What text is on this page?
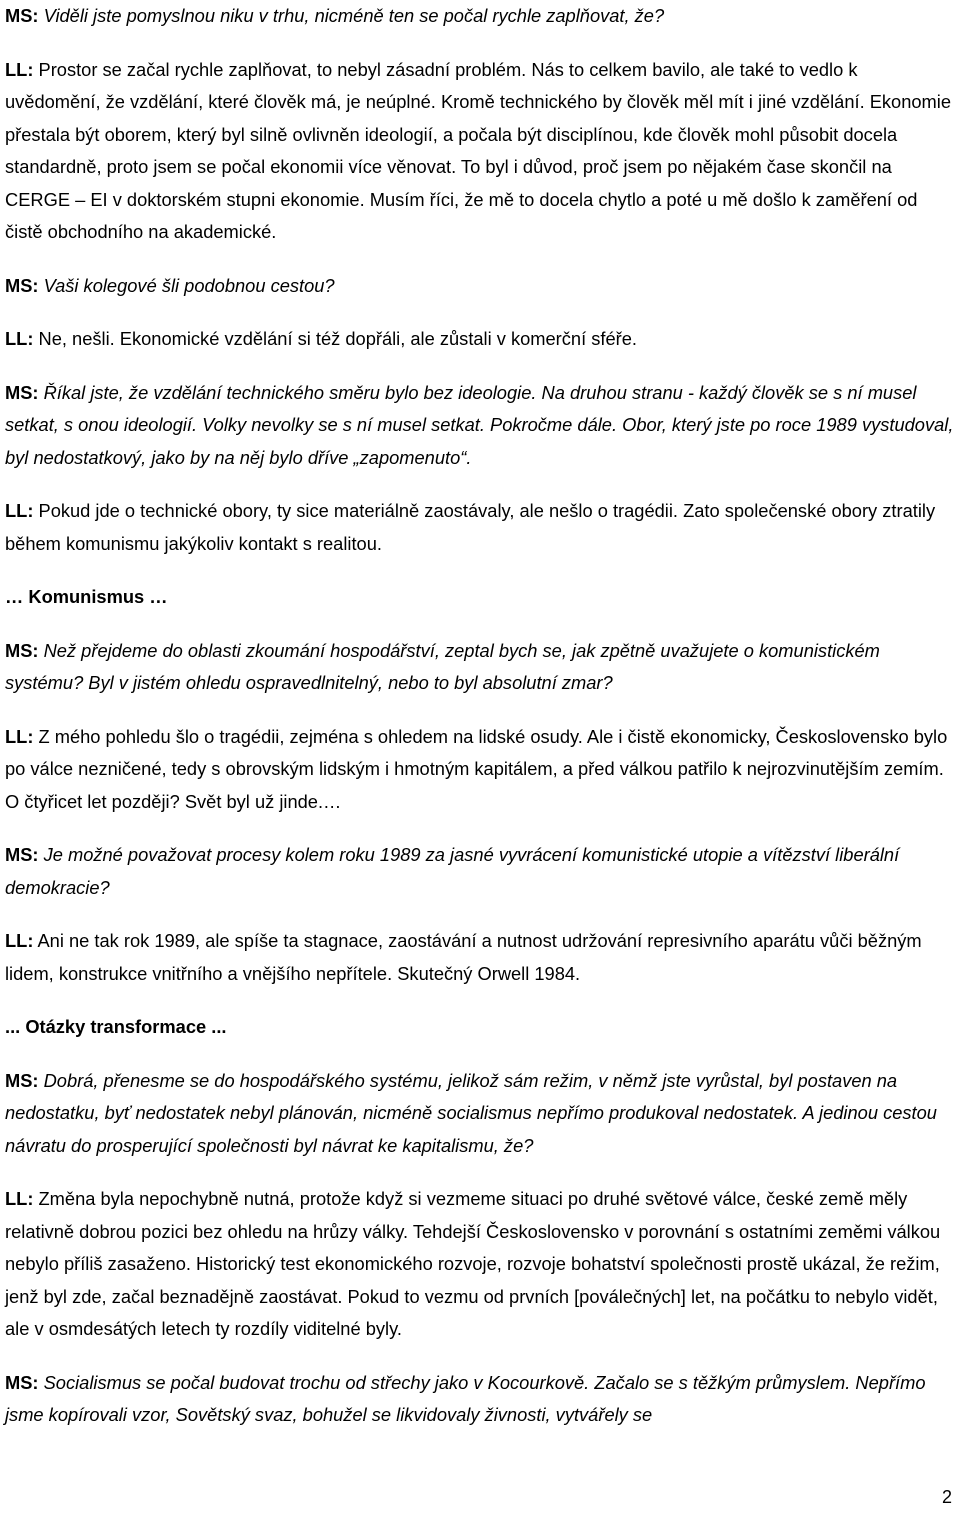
MS: Viděli jste pomyslnou niku v trhu, nicméně ten se počal rychle zaplňovat, že?

LL: Prostor se začal rychle zaplňovat, to nebyl zásadní problém. Nás to celkem bavilo, ale také to vedlo k uvědomění, že vzdělání, které člověk má, je neúplné. Kromě technického by člověk měl mít i jiné vzdělání. Ekonomie přestala být oborem, který byl silně ovlivněn ideologií, a počala být disciplínou, kde člověk mohl působit docela standardně, proto jsem se počal ekonomii více věnovat. To byl i důvod, proč jsem po nějakém čase skončil na CERGE – EI v doktorském stupni ekonomie. Musím říci, že mě to docela chytlo a poté u mě došlo k zaměření od čistě obchodního na akademické.

MS: Vaši kolegové šli podobnou cestou?

LL: Ne, nešli. Ekonomické vzdělání si též dopřáli, ale zůstali v komerční sféře.

MS: Říkal jste, že vzdělání technického směru bylo bez ideologie. Na druhou stranu - každý člověk se s ní musel setkat, s onou ideologií. Volky nevolky se s ní musel setkat. Pokročme dále. Obor, který jste po roce 1989 vystudoval, byl nedostatkový, jako by na něj bylo dříve „zapomenuto“.

LL: Pokud jde o technické obory, ty sice materiálně zaostávaly, ale nešlo o tragédii. Zato společenské obory ztratily během komunismu jakýkoliv kontakt s realitou.

… Komunismus …

MS: Než přejdeme do oblasti zkoumání hospodářství, zeptal bych se, jak zpětně uvažujete o komunistickém systému? Byl v jistém ohledu ospravedlnitelný, nebo to byl absolutní zmar?

LL: Z mého pohledu šlo o tragédii, zejména s ohledem na lidské osudy. Ale i čistě ekonomicky, Československo bylo po válce nezničené, tedy s obrovským lidským i hmotným kapitálem, a před válkou patřilo k nejrozvinutějším zemím. O čtyřicet let později? Svět byl už jinde.…

MS: Je možné považovat procesy kolem roku 1989 za jasné vyvrácení komunistické utopie a vítězství liberální demokracie?

LL: Ani ne tak rok 1989, ale spíše ta stagnace, zaostávání a nutnost udržování represivního aparátu vůči běžným lidem, konstrukce vnitřního a vnějšího nepřítele. Skutečný Orwell 1984.

... Otázky transformace ...

MS: Dobrá, přenesme se do hospodářského systému, jelikož sám režim, v němž jste vyrůstal, byl postaven na nedostatku, byť nedostatek nebyl plánován, nicméně socialismus nepřímo produkoval nedostatek. A jedinou cestou návratu do prosperující společnosti byl návrat ke kapitalismu, že?

LL: Změna byla nepochybně nutná, protože když si vezmeme situaci po druhé světové válce, české země měly relativně dobrou pozici bez ohledu na hrůzy války. Tehdejší Československo v porovnání s ostatními zeměmi válkou nebylo příliš zasaženo. Historický test ekonomického rozvoje, rozvoje bohatství společnosti prostě ukázal, že režim, jenž byl zde, začal beznadějně zaostávat. Pokud to vezmu od prvních [poválečných] let, na počátku to nebylo vidět, ale v osmdesátých letech ty rozdíly viditelné byly.

MS: Socialismus se počal budovat trochu od střechy jako v Kocourkově. Začalo se s těžkým průmyslem. Nepřímo jsme kopírovali vzor, Sovětský svaz, bohužel se likvidovaly živnosti, vytvářely se

2
